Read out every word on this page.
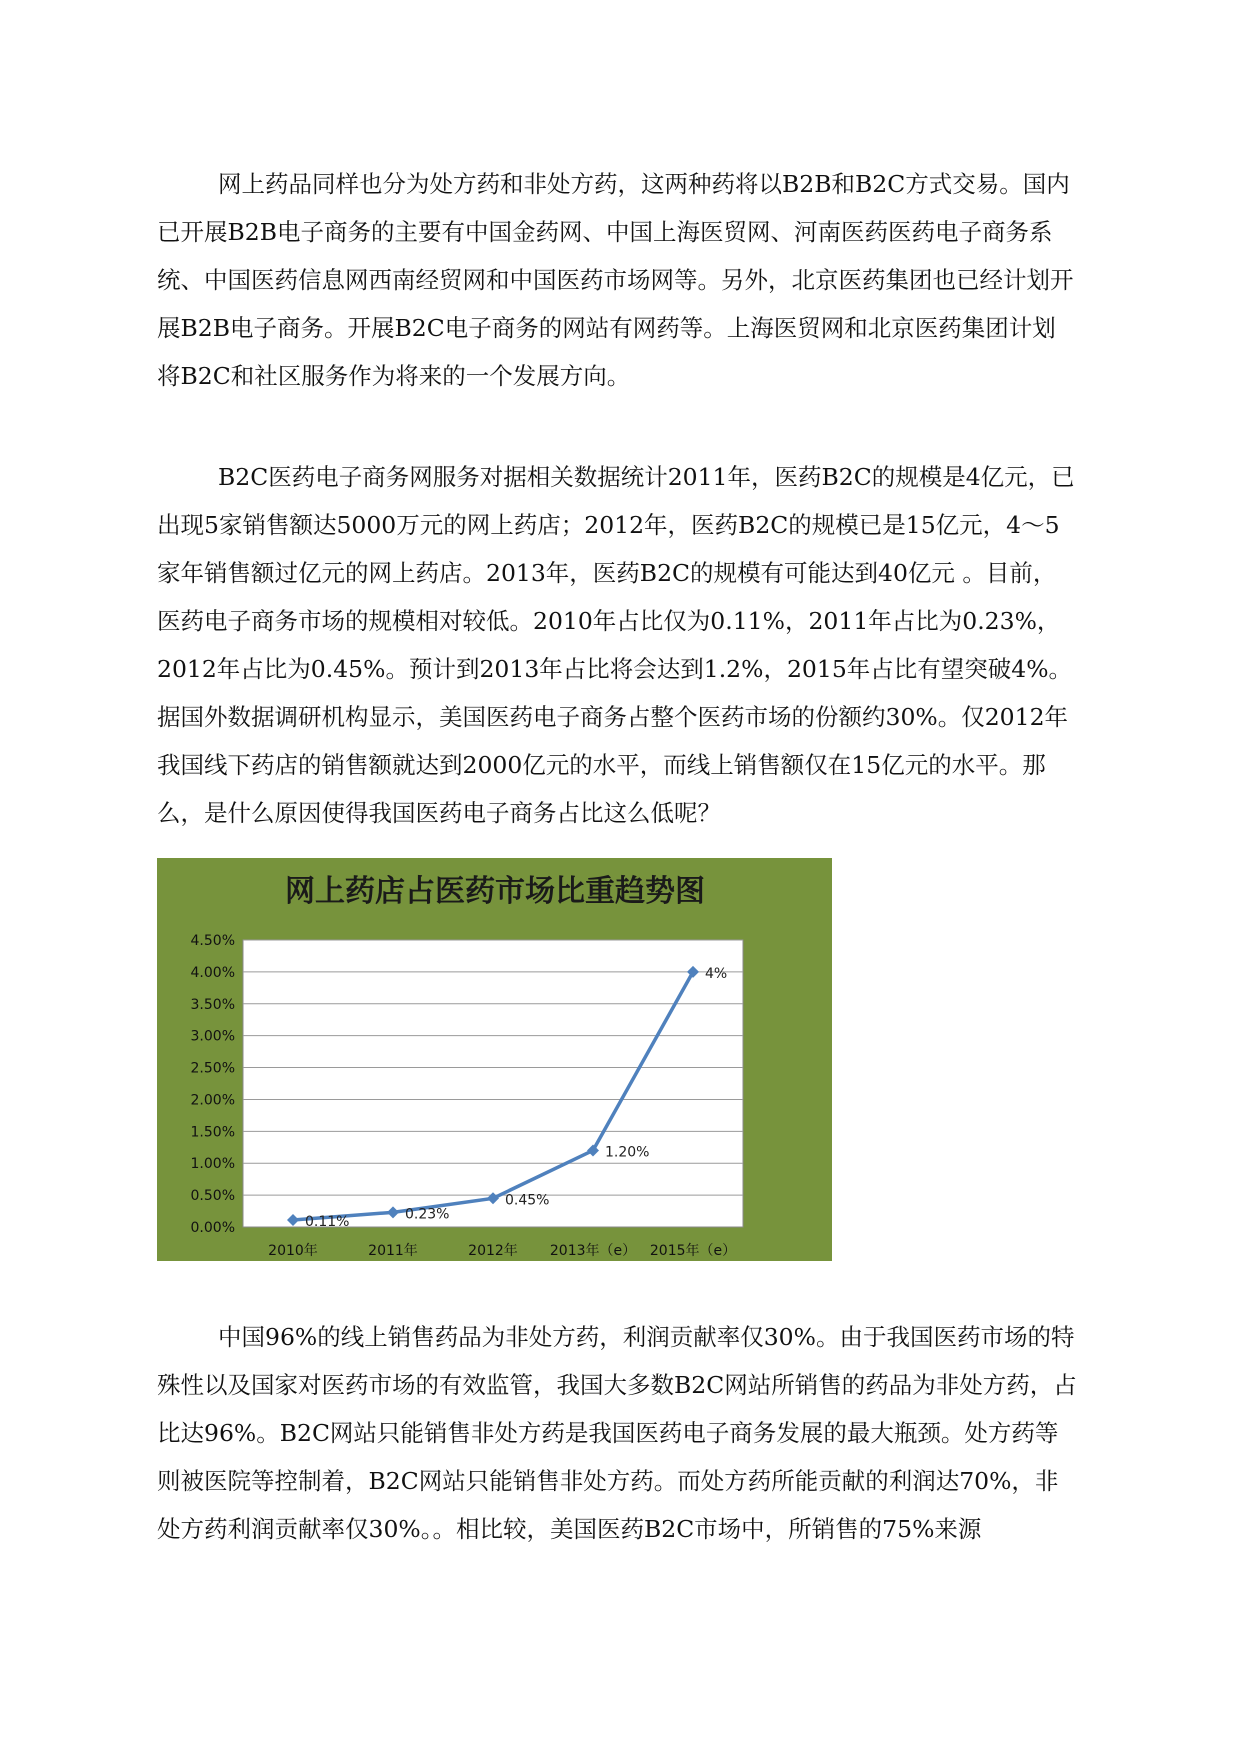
网上药品同样也分为处方药和非处方药，这两种药将以B2B和B2C方式交易。国内已开展B2B电子商务的主要有中国金药网、中国上海医贸网、河南医药医药电子商务系统、中国医药信息网西南经贸网和中国医药市场网等。另外，北京医药集团也已经计划开展B2B电子商务。开展B2C电子商务的网站有网药等。上海医贸网和北京医药集团计划将B2C和社区服务作为将来的一个发展方向。

B2C医药电子商务网服务对据相关数据统计2011年，医药B2C的规模是4亿元，已出现5家销售额达5000万元的网上药店；2012年，医药B2C的规模已是15亿元，4～5家年销售额过亿元的网上药店。2013年，医药B2C的规模有可能达到40亿元 。目前，医药电子商务市场的规模相对较低。2010年占比仅为0.11%，2011年占比为0.23%，2012年占比为0.45%。预计到2013年占比将会达到1.2%，2015年占比有望突破4%。据国外数据调研机构显示，美国医药电子商务占整个医药市场的份额约30%。仅2012年我国线下药店的销售额就达到2000亿元的水平，而线上销售额仅在15亿元的水平。那么，是什么原因使得我国医药电子商务占比这么低呢？

网上药店占医药市场比重趋势图
0.00%
0.50%
1.00%
1.50%
2.00%
2.50%
3.00%
3.50%
4.00%
4.50%
2010年	2011年	2012年 2013年（e） 2015年（e）
0.11%	0.23%
0.45%
1.20%
4%

中国96%的线上销售药品为非处方药，利润贡献率仅30%。由于我国医药市场的特殊性以及国家对医药市场的有效监管，我国大多数B2C网站所销售的药品为非处方药，占比达96%。B2C网站只能销售非处方药是我国医药电子商务发展的最大瓶颈。处方药等则被医院等控制着，B2C网站只能销售非处方药。而处方药所能贡献的利润达70%，非处方药利润贡献率仅30%。。相比较，美国医药B2C市场中，所销售的75%来源
